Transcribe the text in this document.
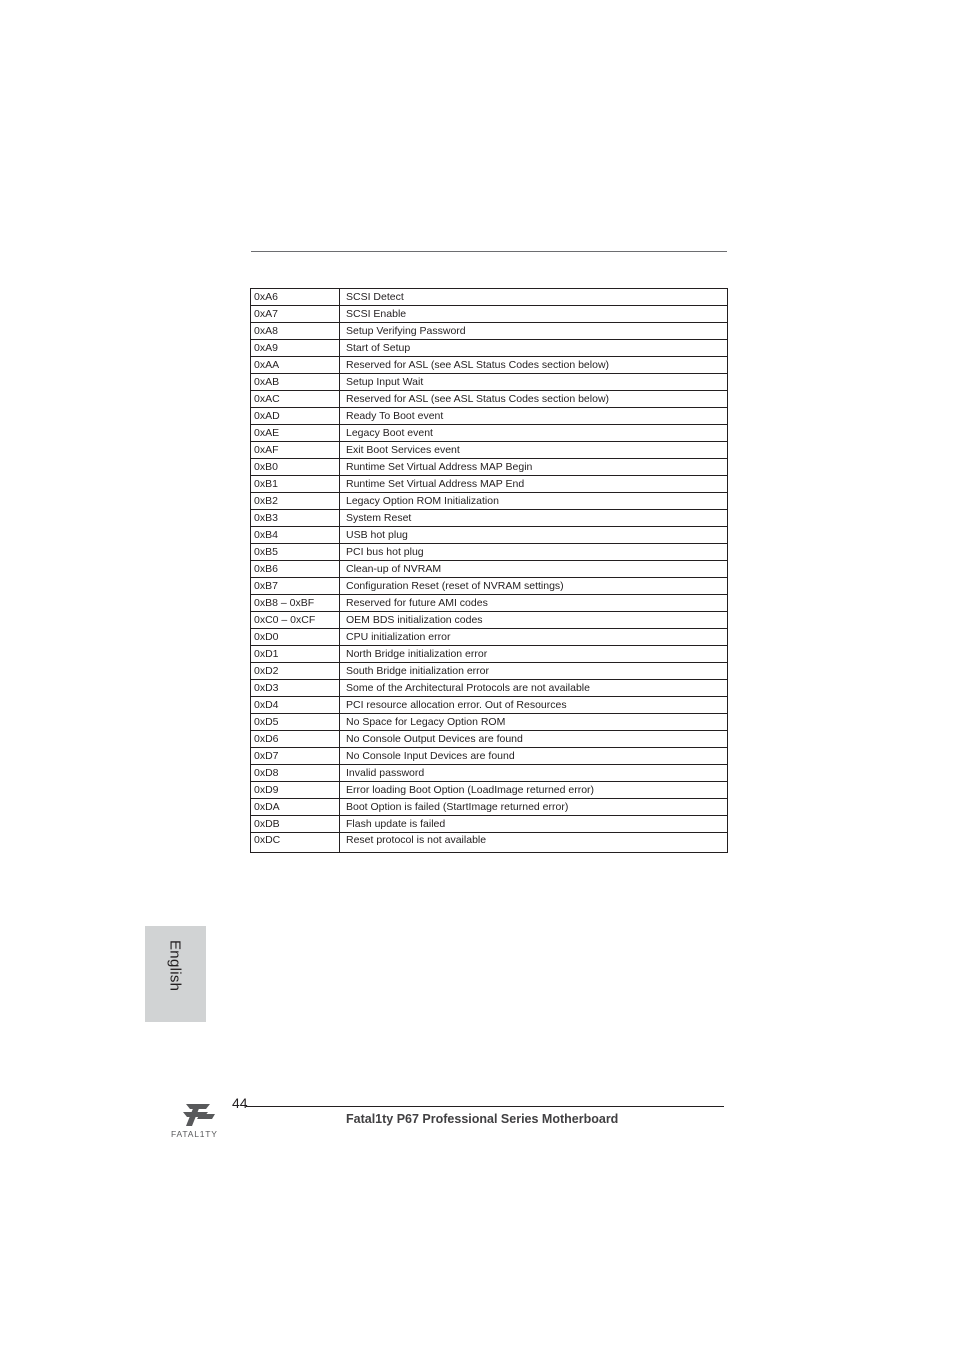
0xA6	SCSI Detect
0xA7	SCSI Enable
0xA8	Setup Verifying Password
0xA9	Start of Setup
0xAA	Reserved for ASL (see ASL Status Codes section below)
0xAB	Setup Input Wait
0xAC	Reserved for ASL (see ASL Status Codes section below)
0xAD	Ready To Boot event
0xAE	Legacy Boot event
0xAF	Exit Boot Services event
0xB0	Runtime Set Virtual Address MAP Begin
0xB1	Runtime Set Virtual Address MAP End
0xB2	Legacy Option ROM Initialization
0xB3	System Reset
0xB4	USB hot plug
0xB5	PCI bus hot plug
0xB6	Clean-up of NVRAM
0xB7	Configuration Reset (reset of NVRAM settings)
0xB8 – 0xBF	Reserved for future AMI codes
0xC0 – 0xCF	OEM BDS initialization codes
0xD0	CPU initialization error
0xD1	North Bridge initialization error
0xD2	South Bridge initialization error
0xD3	Some of the Architectural Protocols are not available
0xD4	PCI resource allocation error. Out of Resources
0xD5	No Space for Legacy Option ROM
0xD6	No Console Output Devices are found
0xD7	No Console Input Devices are found
0xD8	Invalid password
0xD9	Error loading Boot Option (LoadImage returned error)
0xDA	Boot Option is failed (StartImage returned error)
0xDB	Flash update is failed
0xDC	Reset protocol is not available
English
FATAL1TY
44
Fatal1ty P67 Professional Series Motherboard
